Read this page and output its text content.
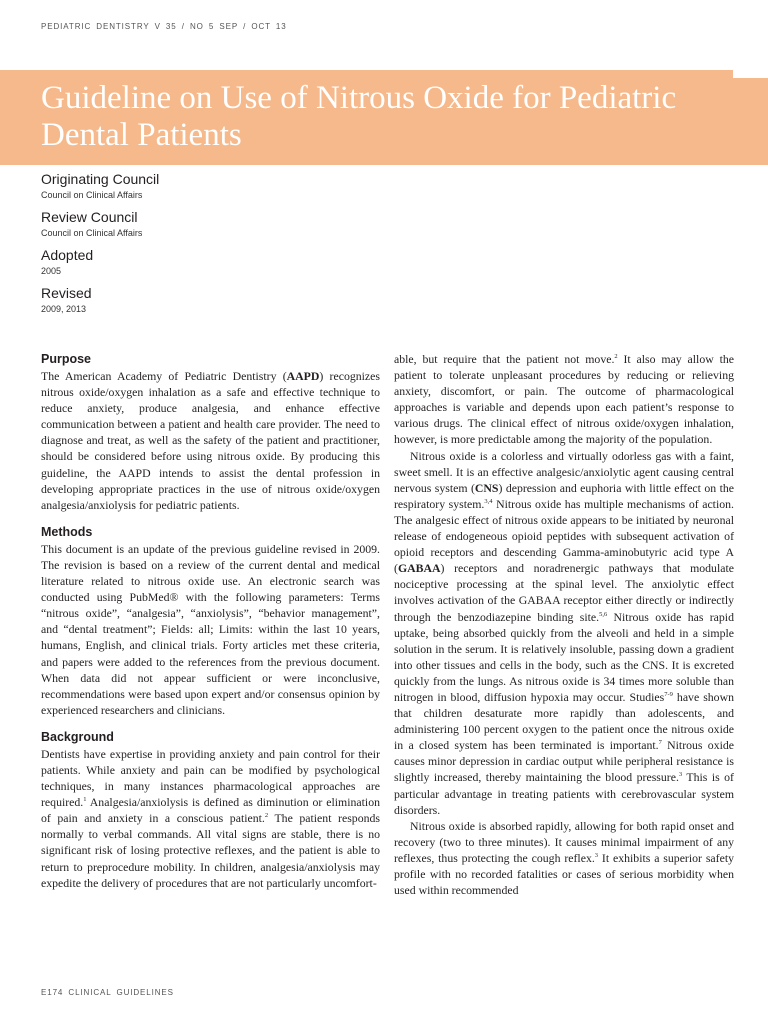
PEDIATRIC DENTISTRY V 35 / NO 5 SEP / OCT 13
Guideline on Use of Nitrous Oxide for Pediatric Dental Patients

Originating Council

Council on Clinical Affairs

Review Council

Council on Clinical Affairs

Adopted

2005

Revised

2009, 2013

Purpose

The American Academy of Pediatric Dentistry (AAPD) recognizes nitrous oxide/oxygen inhalation as a safe and effective technique to reduce anxiety, produce analgesia, and enhance effective communication between a patient and health care provider. The need to diagnose and treat, as well as the safety of the patient and practitioner, should be considered before using nitrous oxide. By producing this guideline, the AAPD intends to assist the dental profession in developing appropriate practices in the use of nitrous oxide/oxygen analgesia/anxiolysis for pediatric patients.

Methods

This document is an update of the previous guideline revised in 2009. The revision is based on a review of the current dental and medical literature related to nitrous oxide use. An electronic search was conducted using PubMed® with the following parameters: Terms “nitrous oxide”, “analgesia”, “anxiolysis”, “behavior management”, and “dental treatment”; Fields: all; Limits: within the last 10 years, humans, English, and clinical trials. Forty articles met these criteria, and papers were added to the references from the previous document. When data did not appear sufficient or were inconclusive, recommendations were based upon expert and/or consensus opinion by experienced researchers and clinicians.

Background

Dentists have expertise in providing anxiety and pain control for their patients. While anxiety and pain can be modified by psychological techniques, in many instances pharmacological approaches are required.$^1$ Analgesia/anxiolysis is defined as diminution or elimination of pain and anxiety in a conscious patient.$^2$ The patient responds normally to verbal commands. All vital signs are stable, there is no significant risk of losing protective reflexes, and the patient is able to return to preprocedure mobility. In children, analgesia/anxiolysis may expedite the delivery of procedures that are not particularly uncomfort-

able, but require that the patient not move.$^2$ It also may allow the patient to tolerate unpleasant procedures by reducing or relieving anxiety, discomfort, or pain. The outcome of pharmacological approaches is variable and depends upon each patient’s response to various drugs. The clinical effect of nitrous oxide/oxygen inhalation, however, is more predictable among the majority of the population.

Nitrous oxide is a colorless and virtually odorless gas with a faint, sweet smell. It is an effective analgesic/anxiolytic agent causing central nervous system (CNS) depression and euphoria with little effect on the respiratory system.$^{3,4}$ Nitrous oxide has multiple mechanisms of action. The analgesic effect of nitrous oxide appears to be initiated by neuronal release of endogeneous opioid peptides with subsequent activation of opioid receptors and descending Gamma-aminobutyric acid type A (GABAA) receptors and noradrenergic pathways that modulate nociceptive processing at the spinal level. The anxiolytic effect involves activation of the GABAA receptor either directly or indirectly through the benzodiazepine binding site.$^{5,6}$ Nitrous oxide has rapid uptake, being absorbed quickly from the alveoli and held in a simple solution in the serum. It is relatively insoluble, passing down a gradient into other tissues and cells in the body, such as the CNS. It is excreted quickly from the lungs. As nitrous oxide is 34 times more soluble than nitrogen in blood, diffusion hypoxia may occur. Studies$^{7-9}$ have shown that children desaturate more rapidly than adolescents, and administering 100 percent oxygen to the patient once the nitrous oxide in a closed system has been terminated is important.$^7$ Nitrous oxide causes minor depression in cardiac output while peripheral resistance is slightly increased, thereby maintaining the blood pressure.$^3$ This is of particular advantage in treating patients with cerebrovascular system disorders.

Nitrous oxide is absorbed rapidly, allowing for both rapid onset and recovery (two to three minutes). It causes minimal impairment of any reflexes, thus protecting the cough reflex.$^3$ It exhibits a superior safety profile with no recorded fatalities or cases of serious morbidity when used within recommended

E174 CLINICAL GUIDELINES
